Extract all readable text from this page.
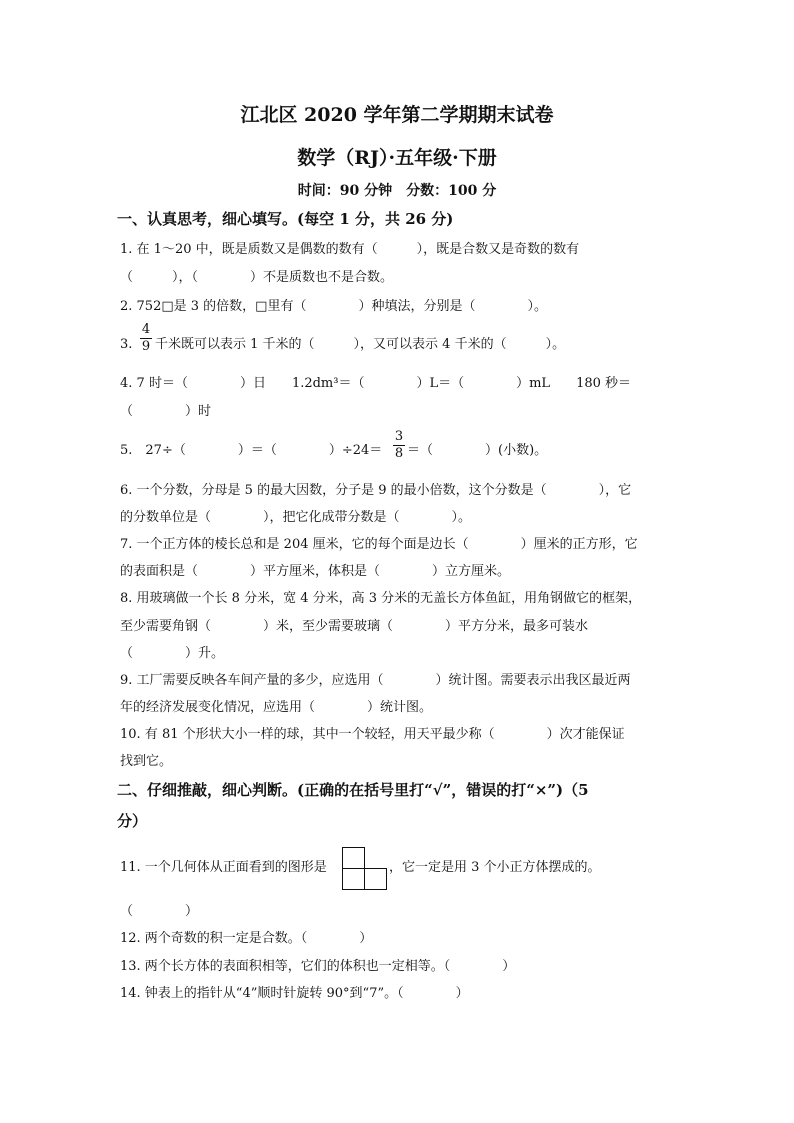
江北区 2020 学年第二学期期末试卷
数学（RJ）·五年级·下册
时间：90 分钟　分数：100 分
一、认真思考，细心填写。(每空 1 分，共 26 分)
1. 在 1～20 中，既是质数又是偶数的数有（　　　），既是合数又是奇数的数有
（　　　），（　　　　）不是质数也不是合数。
2. 752□是 3 的倍数，□里有（　　　　）种填法，分别是（　　　　）。
3.
4
9 千米既可以表示 1 千米的（　　　），又可以表示 4 千米的（　　　）。
4. 7 时＝（　　　　）日　　1.2dm³＝（　　　　）L＝（　　　　）mL　　180 秒＝
（　　　　）时
5.　27÷（　　　　）＝（　　　　）÷24＝
3
8 ＝（　　　　）(小数)。
6. 一个分数，分母是 5 的最大因数，分子是 9 的最小倍数，这个分数是（　　　　），它
的分数单位是（　　　　），把它化成带分数是（　　　　）。
7. 一个正方体的棱长总和是 204 厘米，它的每个面是边长（　　　　）厘米的正方形，它
的表面积是（　　　　）平方厘米，体积是（　　　　）立方厘米。
8. 用玻璃做一个长 8 分米，宽 4 分米，高 3 分米的无盖长方体鱼缸，用角钢做它的框架，
至少需要角钢（　　　　）米，至少需要玻璃（　　　　）平方分米，最多可装水
（　　　　）升。
9. 工厂需要反映各车间产量的多少，应选用（　　　　）统计图。需要表示出我区最近两
年的经济发展变化情况，应选用（　　　　）统计图。
10. 有 81 个形状大小一样的球，其中一个较轻，用天平最少称（　　　　）次才能保证
找到它。
二、仔细推敲，细心判断。(正确的在括号里打“√”，错误的打“×”)（5
分）
11. 一个几何体从正面看到的图形是	，它一定是用 3 个小正方体摆成的。
（　　　　）
12. 两个奇数的积一定是合数。（　　　　）
13. 两个长方体的表面积相等，它们的体积也一定相等。（　　　　）
14. 钟表上的指针从“4”顺时针旋转 90°到“7”。（　　　　）
